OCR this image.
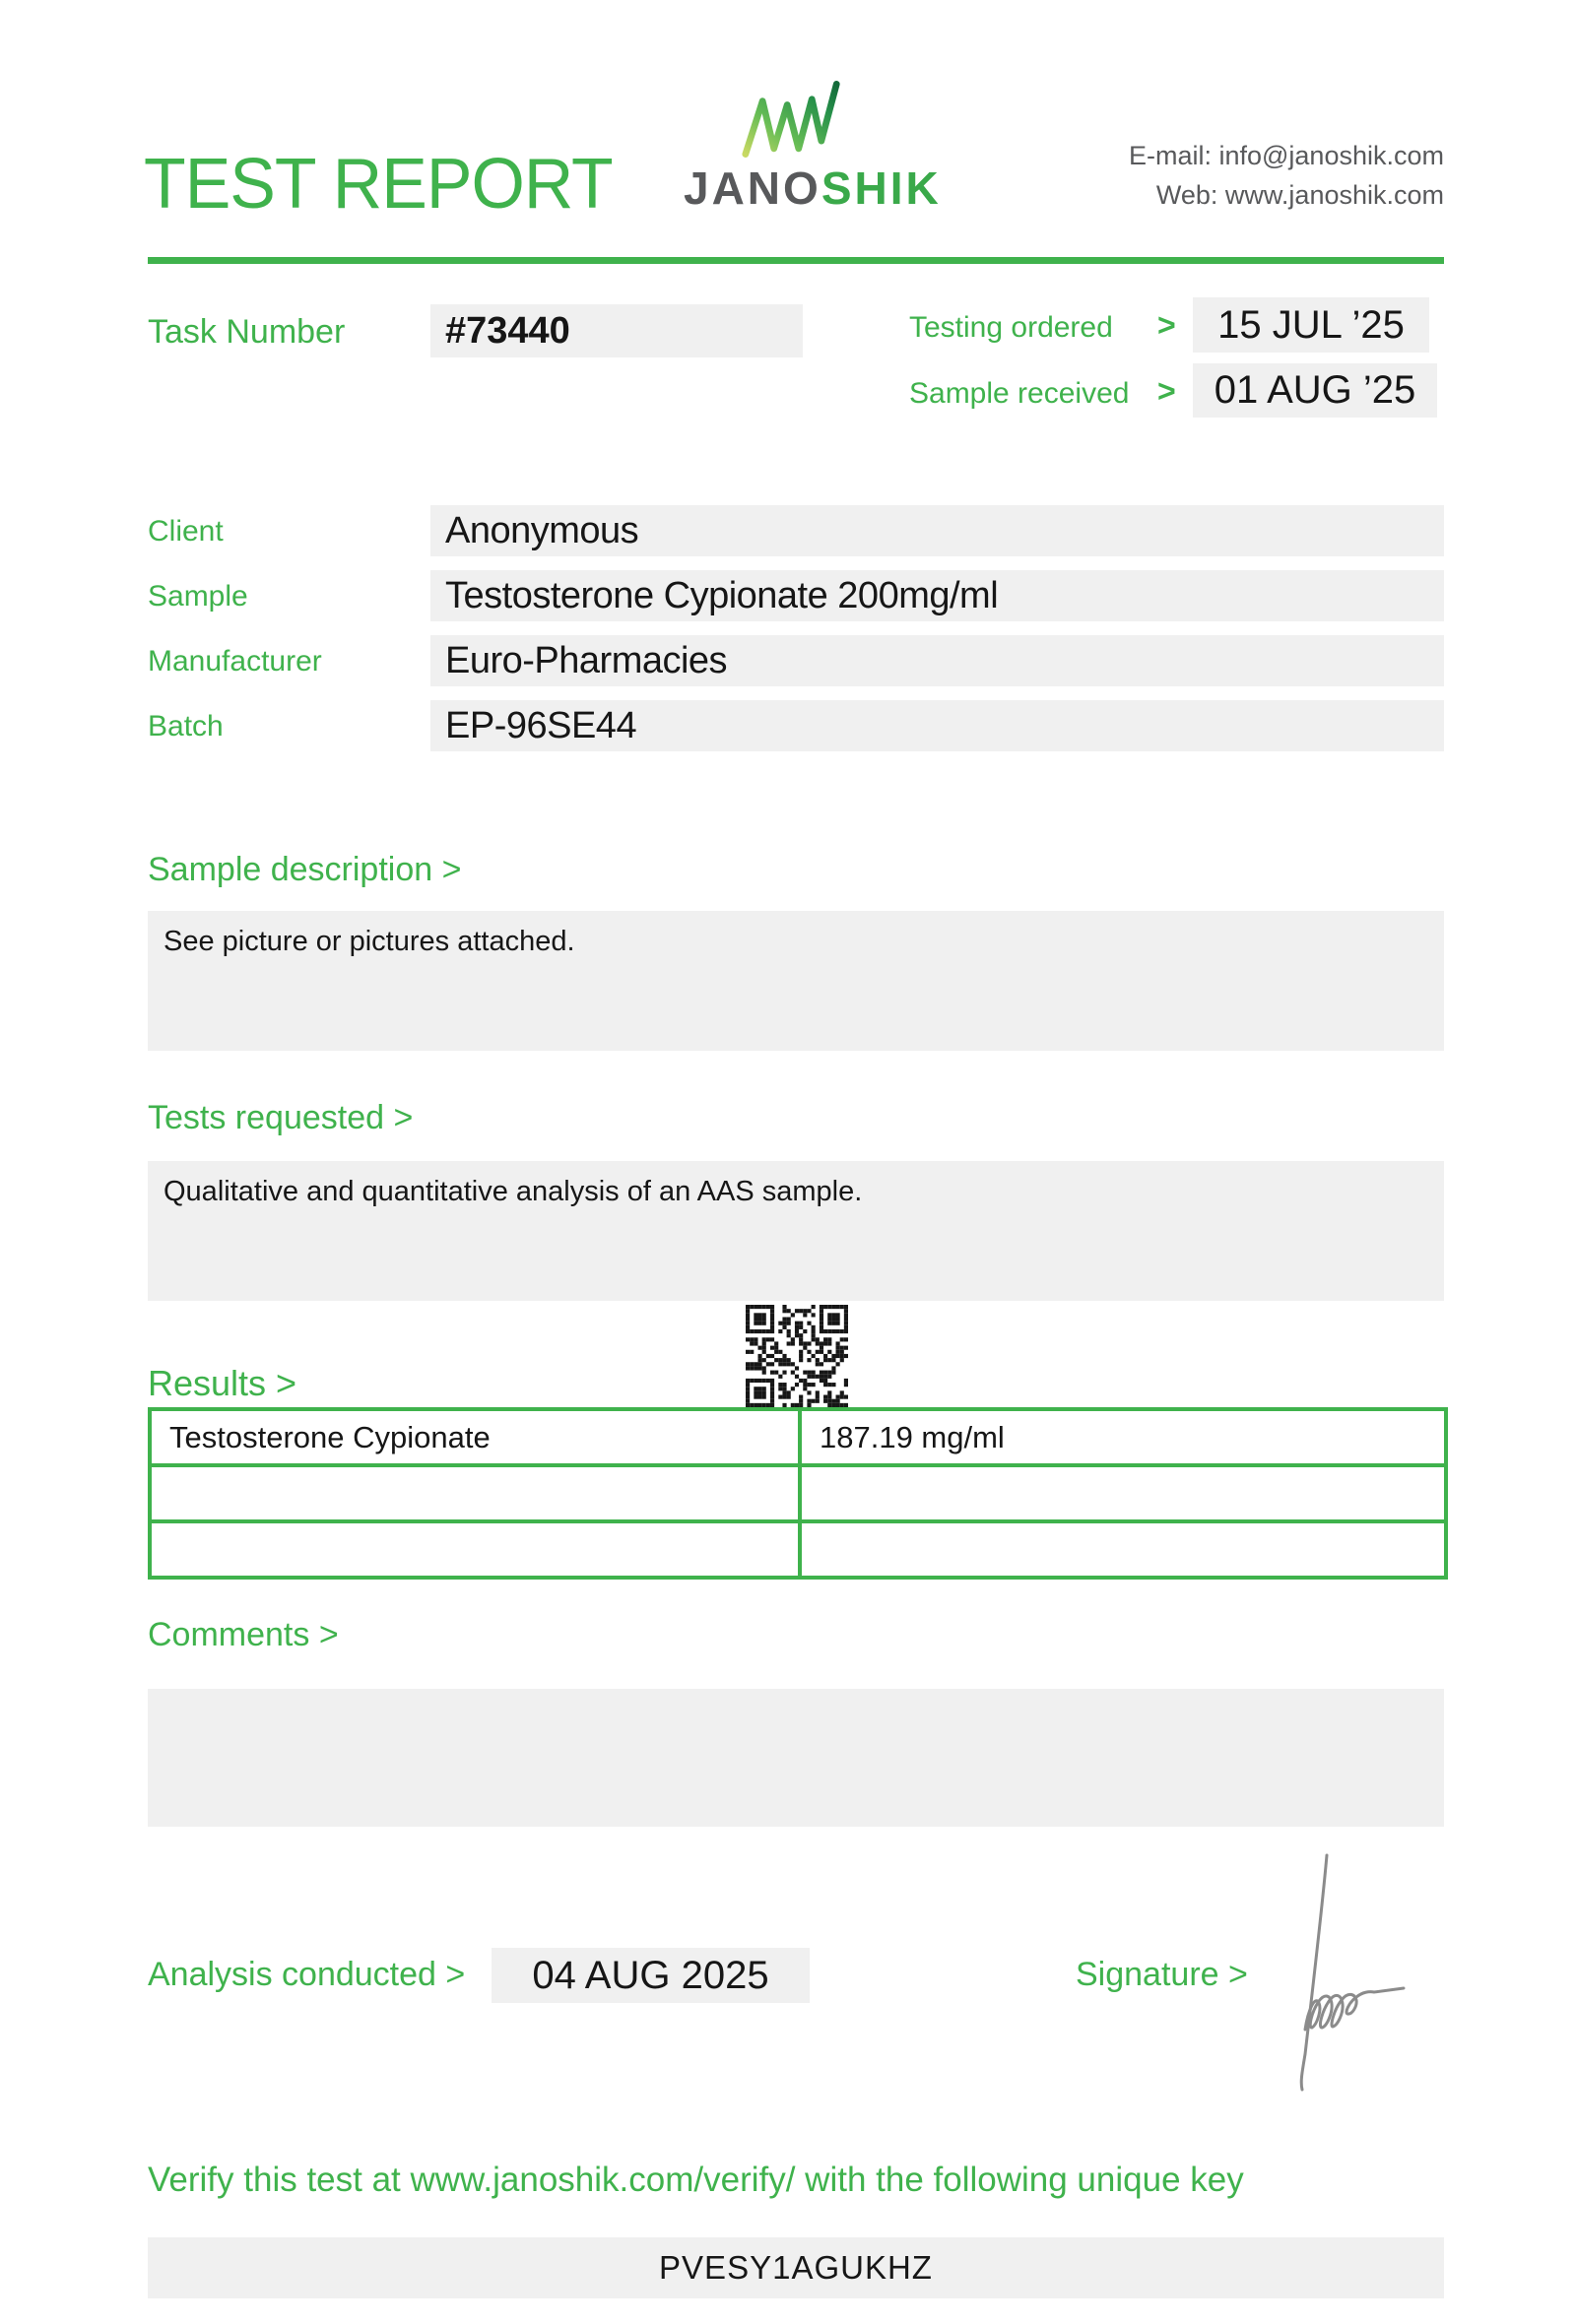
TEST REPORT JANOSHIK
E-mail: info@janoshik.com
Web: www.janoshik.com
Task Number	#73440	Testing ordered >	15 JUL ’25
Sample received > 01 AUG ’25
Client	Anonymous
Sample	Testosterone Cypionate 200mg/ml
Manufacturer	Euro-Pharmacies
Batch	EP-96SE44
Sample description >
See picture or pictures attached.
Tests requested >
Qualitative and quantitative analysis of an AAS sample.
Results >
Testosterone Cypionate	187.19 mg/ml

Comments >
Analysis conducted >	04 AUG 2025	Signature >
Verify this test at www.janoshik.com/verify/ with the following unique key
PVESY1AGUKHZ
